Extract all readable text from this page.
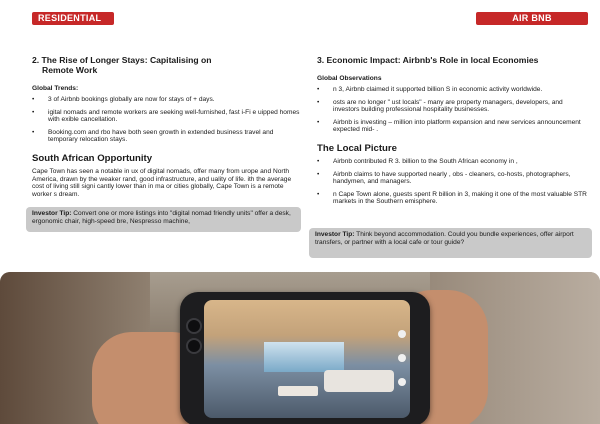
RESIDENTIAL	AIR BNB
2. The Rise of Longer Stays: Capitalising on
Remote Work
Global Trends:
• 3 of Airbnb bookings globally are now for stays of + days.
• igital nomads and remote workers are seeking well-furnished, fast i-Fi e uipped homes with exible cancellation.
• Booking.com and rbo have both seen growth in extended business travel and temporary relocation stays.
South African Opportunity

Cape Town has seen a notable in ux of digital nomads, offer many from urope and North America, drawn by the weaker rand, good infrastructure, and uality of life. ith the average cost of living still signi cantly lower than in ma or cities globally, Cape Town is a remote worker s dream.

Investor Tip: Convert one or more listings into "digital nomad friendly units" offer a desk, ergonomic chair, high-speed bre, Nespresso machine,
3. Economic Impact: Airbnb's Role in local Economies
Global Observations
• n 3, Airbnb claimed it supported billion S in economic activity worldwide.
• osts are no longer " ust locals" - many are property managers, developers, and investors building professional hospitality businesses.
• Airbnb is investing – million into platform expansion and new services announcement expected mid- .
The Local Picture
• Airbnb contributed R 3. billion to the South African economy in ,
• Airbnb claims to have supported nearly , obs - cleaners, co-hosts, photographers, handymen, and managers.
• n Cape Town alone, guests spent R billion in 3, making it one of the most valuable STR markets in the Southern emisphere.
Investor Tip: Think beyond accommodation. Could you bundle experiences, offer airport transfers, or partner with a local cafe or tour guide?
